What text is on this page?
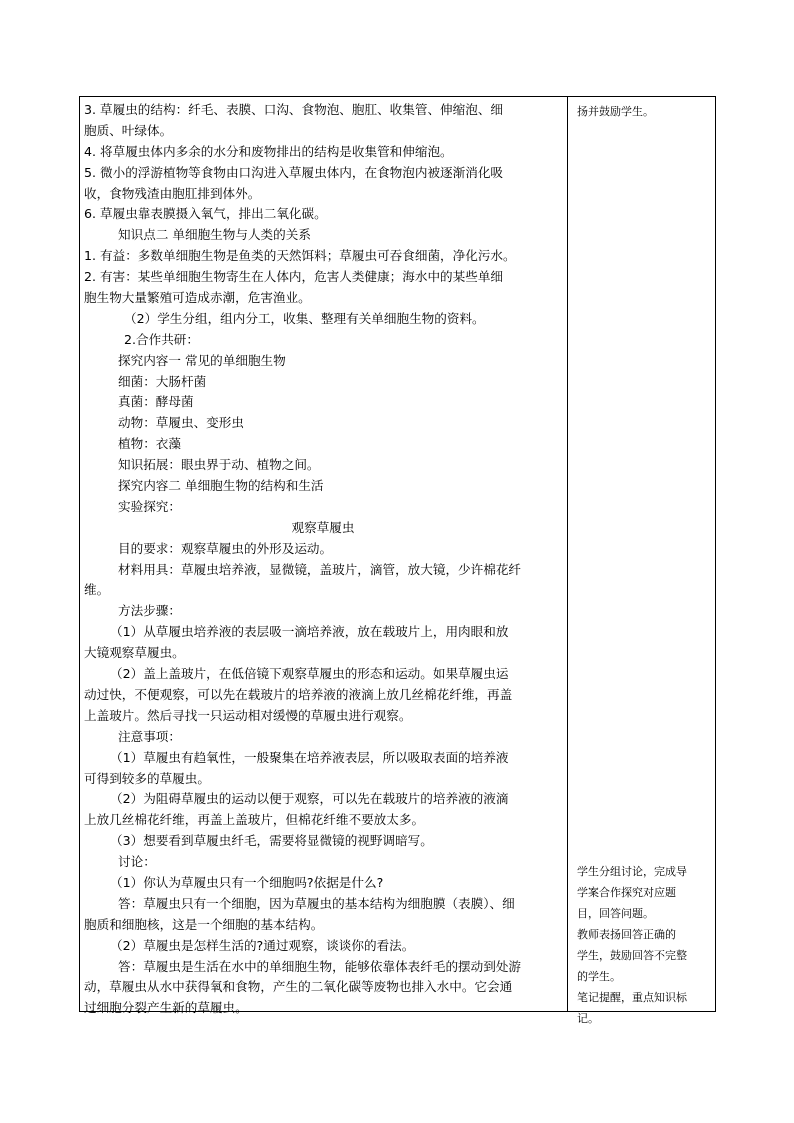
3. 草履虫的结构：纤毛、表膜、口沟、食物泡、胞肛、收集管、伸缩泡、细
胞质、叶绿体。
4. 将草履虫体内多余的水分和废物排出的结构是收集管和伸缩泡。
5. 微小的浮游植物等食物由口沟进入草履虫体内，在食物泡内被逐渐消化吸
收，食物残渣由胞肛排到体外。
6. 草履虫靠表膜摄入氧气，排出二氧化碳。
知识点二 单细胞生物与人类的关系
1. 有益：多数单细胞生物是鱼类的天然饵料；草履虫可吞食细菌，净化污水。
2. 有害：某些单细胞生物寄生在人体内，危害人类健康；海水中的某些单细
胞生物大量繁殖可造成赤潮，危害渔业。
（2）学生分组，组内分工，收集、整理有关单细胞生物的资料。
2.合作共研：
探究内容一 常见的单细胞生物
细菌：大肠杆菌
真菌：酵母菌
动物：草履虫、变形虫
植物：衣藻
知识拓展：眼虫界于动、植物之间。
探究内容二 单细胞生物的结构和生活
实验探究：
观察草履虫
目的要求：观察草履虫的外形及运动。
材料用具：草履虫培养液，显微镜，盖玻片，滴管，放大镜，少许棉花纤
维。
方法步骤：
（1）从草履虫培养液的表层吸一滴培养液，放在载玻片上，用肉眼和放
大镜观察草履虫。
（2）盖上盖玻片，在低倍镜下观察草履虫的形态和运动。如果草履虫运
动过快，不便观察，可以先在载玻片的培养液的液滴上放几丝棉花纤维，再盖
上盖玻片。然后寻找一只运动相对缓慢的草履虫进行观察。
注意事项：
（1）草履虫有趋氧性，一般聚集在培养液表层，所以吸取表面的培养液
可得到较多的草履虫。
（2）为阻碍草履虫的运动以便于观察，可以先在载玻片的培养液的液滴
上放几丝棉花纤维，再盖上盖玻片，但棉花纤维不要放太多。
（3）想要看到草履虫纤毛，需要将显微镜的视野调暗写。
讨论：
（1）你认为草履虫只有一个细胞吗?依据是什么?
答：草履虫只有一个细胞，因为草履虫的基本结构为细胞膜（表膜）、细
胞质和细胞核，这是一个细胞的基本结构。
（2）草履虫是怎样生活的?通过观察，谈谈你的看法。
答：草履虫是生活在水中的单细胞生物，能够依靠体表纤毛的摆动到处游
动，草履虫从水中获得氧和食物，产生的二氧化碳等废物也排入水中。它会通
过细胞分裂产生新的草履虫。
扬并鼓励学生。
学生分组讨论，完成导
学案合作探究对应题
目，回答问题。
教师表扬回答正确的
学生，鼓励回答不完整
的学生。
笔记提醒，重点知识标
记。
